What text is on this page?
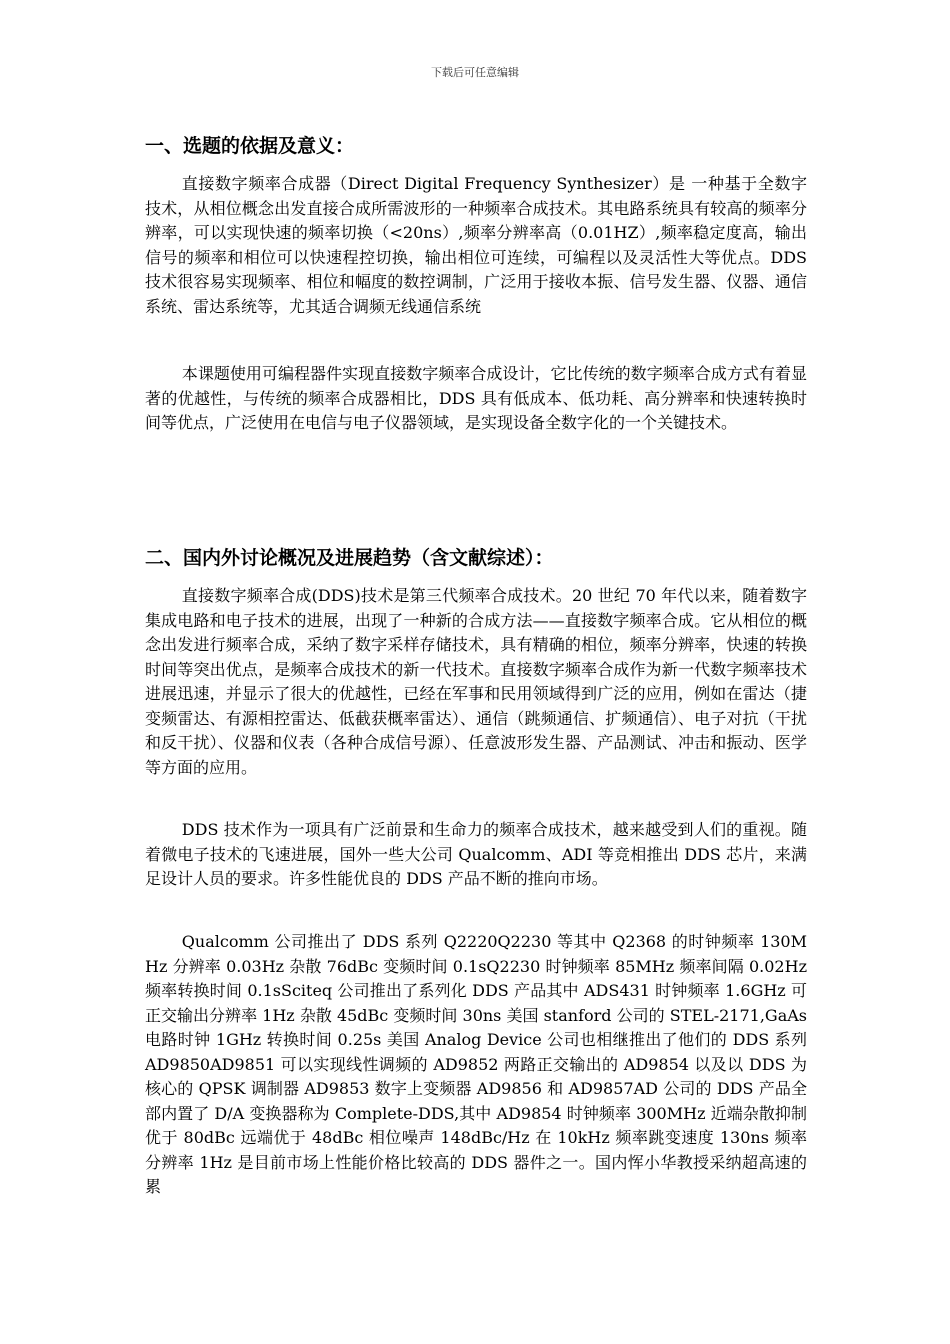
下载后可任意编辑
一、选题的依据及意义：

直接数字频率合成器（Direct Digital Frequency Synthesizer）是 一种基于全数字技术，从相位概念出发直接合成所需波形的一种频率合成技术。其电路系统具有较高的频率分辨率，可以实现快速的频率切换（<20ns）,频率分辨率高（0.01HZ）,频率稳定度高，输出信号的频率和相位可以快速程控切换，输出相位可连续，可编程以及灵活性大等优点。DDS 技术很容易实现频率、相位和幅度的数控调制，广泛用于接收本振、信号发生器、仪器、通信系统、雷达系统等，尤其适合调频无线通信系统

本课题使用可编程器件实现直接数字频率合成设计，它比传统的数字频率合成方式有着显著的优越性，与传统的频率合成器相比，DDS 具有低成本、低功耗、高分辨率和快速转换时间等优点，广泛使用在电信与电子仪器领域，是实现设备全数字化的一个关键技术。

二、国内外讨论概况及进展趋势（含文献综述）：

直接数字频率合成(DDS)技术是第三代频率合成技术。20 世纪 70 年代以来，随着数字集成电路和电子技术的进展，出现了一种新的合成方法——直接数字频率合成。它从相位的概念出发进行频率合成，采纳了数字采样存储技术，具有精确的相位，频率分辨率，快速的转换时间等突出优点，是频率合成技术的新一代技术。直接数字频率合成作为新一代数字频率技术进展迅速，并显示了很大的优越性，已经在军事和民用领域得到广泛的应用，例如在雷达（捷变频雷达、有源相控雷达、低截获概率雷达）、通信（跳频通信、扩频通信）、电子对抗（干扰和反干扰）、仪器和仪表（各种合成信号源）、任意波形发生器、产品测试、冲击和振动、医学等方面的应用。

DDS 技术作为一项具有广泛前景和生命力的频率合成技术，越来越受到人们的重视。随着微电子技术的飞速进展，国外一些大公司 Qualcomm、ADI 等竞相推出 DDS 芯片，来满足设计人员的要求。许多性能优良的 DDS 产品不断的推向市场。

Qualcomm 公司推出了 DDS 系列 Q2220Q2230 等其中 Q2368 的时钟频率 130MHz 分辨率 0.03Hz 杂散 76dBc 变频时间 0.1sQ2230 时钟频率 85MHz 频率间隔 0.02Hz 频率转换时间 0.1sSciteq 公司推出了系列化 DDS 产品其中 ADS431 时钟频率 1.6GHz 可正交输出分辨率 1Hz 杂散 45dBc 变频时间 30ns 美国 stanford 公司的 STEL-2171,GaAs 电路时钟 1GHz 转换时间 0.25s 美国 Analog Device 公司也相继推出了他们的 DDS 系列 AD9850AD9851 可以实现线性调频的 AD9852 两路正交输出的 AD9854 以及以 DDS 为核心的 QPSK 调制器 AD9853 数字上变频器 AD9856 和 AD9857AD 公司的 DDS 产品全部内置了 D/A 变换器称为 Complete-DDS,其中 AD9854 时钟频率 300MHz 近端杂散抑制优于 80dBc 远端优于 48dBc 相位噪声 148dBc/Hz 在 10kHz 频率跳变速度 130ns 频率分辨率 1Hz 是目前市场上性能价格比较高的 DDS 器件之一。国内恽小华教授采纳超高速的累
